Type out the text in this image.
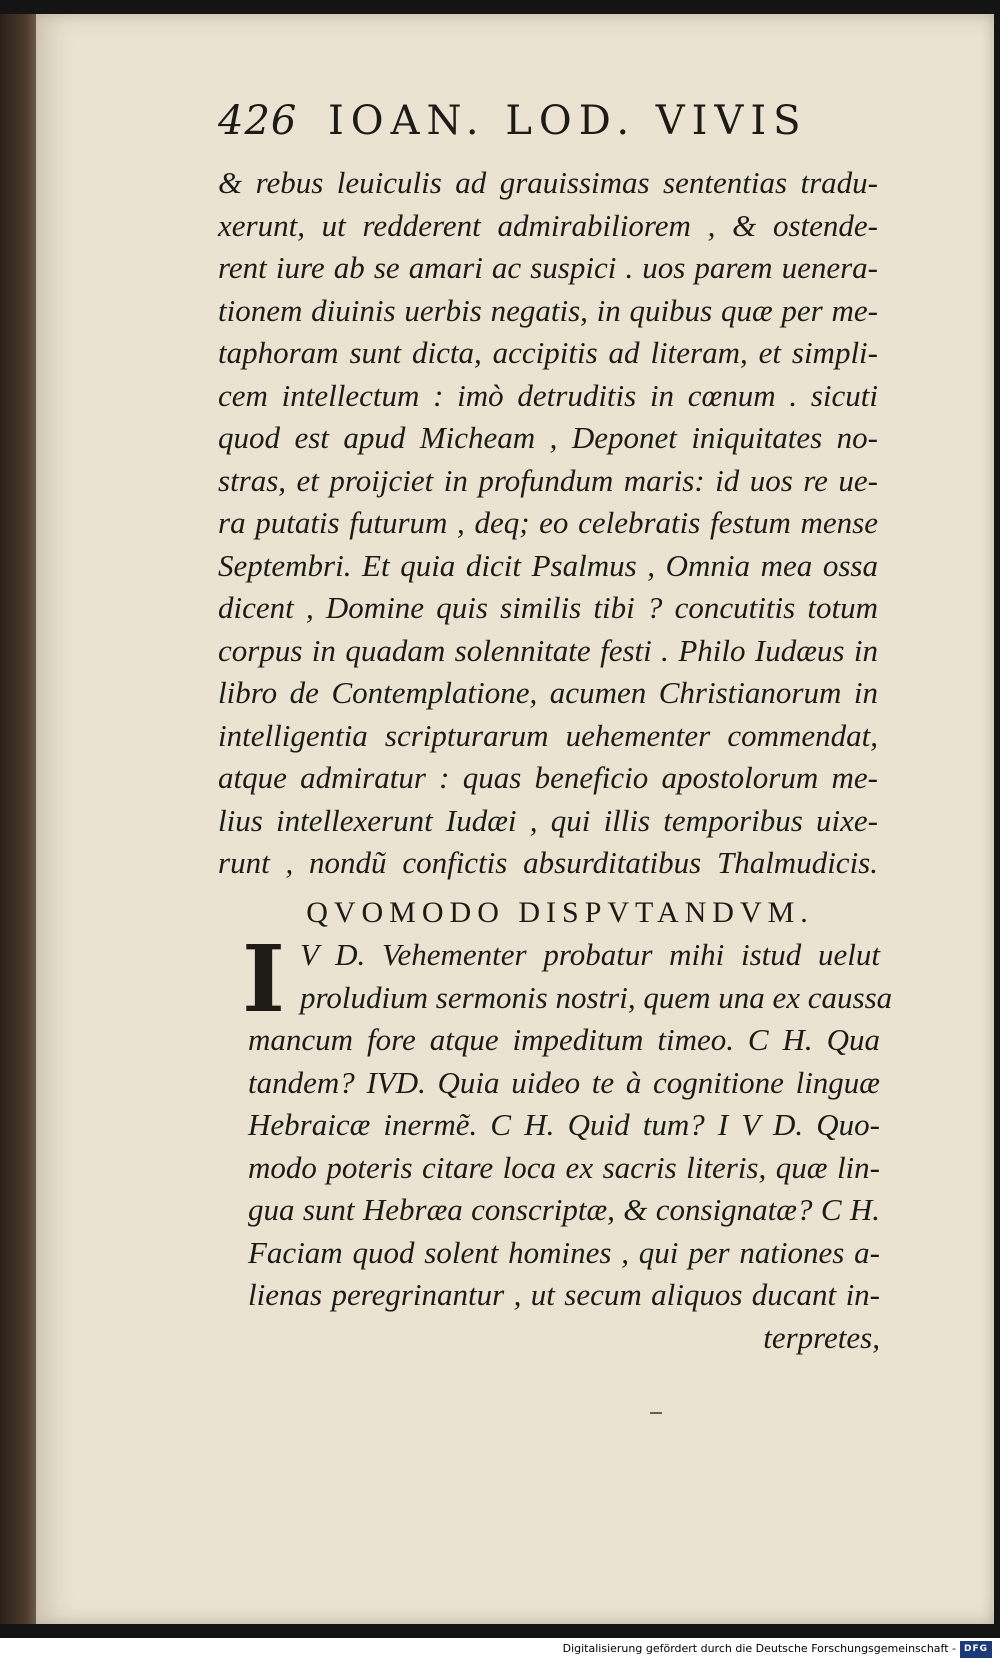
426 IOAN. LOD. VIVIS
& rebus leuiculis ad grauissimas sententias tradu-
xerunt, ut redderent admirabiliorem , & ostende-
rent iure ab se amari ac suspici . uos parem uenera-
tionem diuinis uerbis negatis, in quibus quæ per me-
taphoram sunt dicta, accipitis ad literam, et simpli-
cem intellectum : imò detruditis in cœnum . sicuti
quod est apud Micheam , Deponet iniquitates no-
stras, et proijciet in profundum maris: id uos re ue-
ra putatis futurum , deq; eo celebratis festum mense
Septembri. Et quia dicit Psalmus , Omnia mea ossa
dicent , Domine quis similis tibi ? concutitis totum
corpus in quadam solennitate festi . Philo Iudæus in
libro de Contemplatione, acumen Christianorum in
intelligentia scripturarum uehementer commendat,
atque admiratur : quas beneficio apostolorum me-
lius intellexerunt Iudæi , qui illis temporibus uixe-
runt , nondũ confictis absurditatibus Thalmudicis.
QVOMODO DISPVTANDVM.
I V D. Vehementer probatur mihi istud uelut
proludium sermonis nostri, quem una ex caussa
mancum fore atque impeditum timeo. C H. Qua
tandem? IVD. Quia uideo te à cognitione linguæ
Hebraicæ inermẽ. C H. Quid tum? I V D. Quo-
modo poteris citare loca ex sacris literis, quæ lin-
gua sunt Hebræa conscriptæ, & consignatæ? C H.
Faciam quod solent homines , qui per nationes a-
lienas peregrinantur , ut secum aliquos ducant in-
terpretes,
Digitalisierung gefördert durch die Deutsche Forschungsgemeinschaft - DFG
